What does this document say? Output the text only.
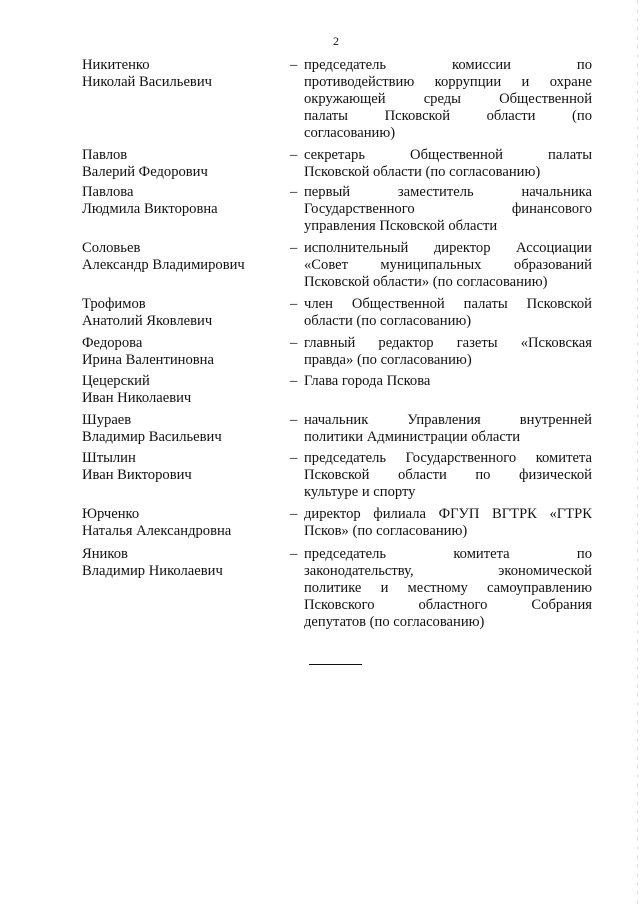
2
Никитенко
Николай Васильевич
– председатель комиссии по
противодействию коррупции и охране
окружающей среды Общественной
палаты Псковской области (по
согласованию)
Павлов
Валерий Федорович
– секретарь Общественной палаты
Псковской области (по согласованию)
Павлова
Людмила Викторовна
– первый заместитель начальника
Государственного финансового
управления Псковской области
Соловьев
Александр Владимирович
– исполнительный директор Ассоциации
«Совет муниципальных образований
Псковской области» (по согласованию)
Трофимов
Анатолий Яковлевич
– член Общественной палаты Псковской
области (по согласованию)
Федорова
Ирина Валентиновна
– главный редактор газеты «Псковская
правда» (по согласованию)
Цецерский
Иван Николаевич
– Глава города Пскова
Шураев
Владимир Васильевич
– начальник Управления внутренней
политики Администрации области
Штылин
Иван Викторович
– председатель Государственного комитета
Псковской области по физической
культуре и спорту
Юрченко
Наталья Александровна
– директор филиала ФГУП ВГТРК «ГТРК
Псков» (по согласованию)
Яников
Владимир Николаевич
– председатель комитета по
законодательству, экономической
политике и местному самоуправлению
Псковского областного Собрания
депутатов (по согласованию)
